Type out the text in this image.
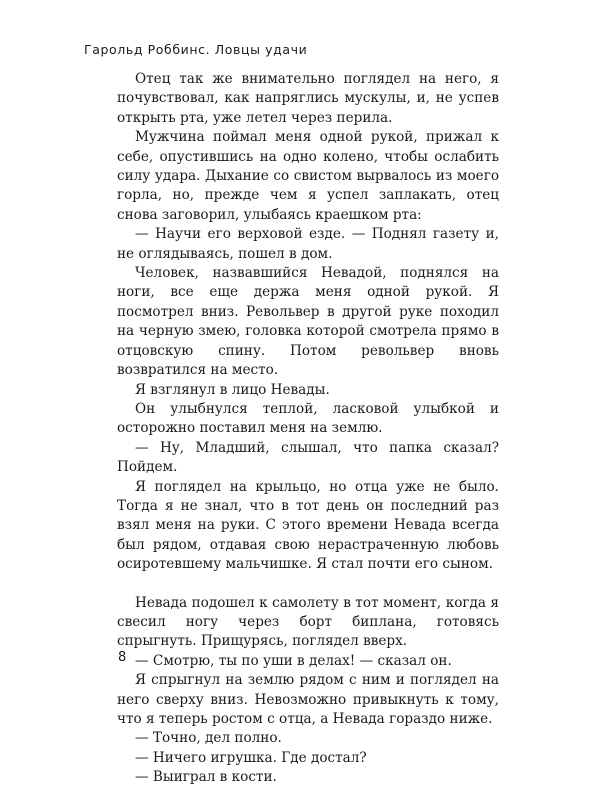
Гарольд Роббинс. Ловцы удачи

Отец так же внимательно поглядел на него, я почувствовал, как напряглись мускулы, и, не успев открыть рта, уже летел через перила.

Мужчина поймал меня одной рукой, прижал к себе, опустившись на одно колено, чтобы ослабить силу удара. Дыхание со свистом вырвалось из моего горла, но, прежде чем я успел заплакать, отец снова заговорил, улыбаясь краешком рта:

— Научи его верховой езде. — Поднял газету и, не оглядываясь, пошел в дом.

Человек, назвавшийся Невадой, поднялся на ноги, все еще держа меня одной рукой. Я посмотрел вниз. Револьвер в другой руке походил на черную змею, головка которой смотрела прямо в отцовскую спину. Потом револьвер вновь возвратился на место.

Я взглянул в лицо Невады.

Он улыбнулся теплой, ласковой улыбкой и осторожно поставил меня на землю.

— Ну, Младший, слышал, что папка сказал? Пойдем.

Я поглядел на крыльцо, но отца уже не было. Тогда я не знал, что в тот день он последний раз взял меня на руки. С этого времени Невада всегда был рядом, отдавая свою нерастраченную любовь осиротевшему мальчишке. Я стал почти его сыном.

Невада подошел к самолету в тот момент, когда я свесил ногу через борт биплана, готовясь спрыгнуть. Прищурясь, поглядел вверх.

— Смотрю, ты по уши в делах! — сказал он.

Я спрыгнул на землю рядом с ним и поглядел на него сверху вниз. Невозможно привыкнуть к тому, что я теперь ростом с отца, а Невада гораздо ниже.

— Точно, дел полно.

— Ничего игрушка. Где достал?

— Выиграл в кости.

8
